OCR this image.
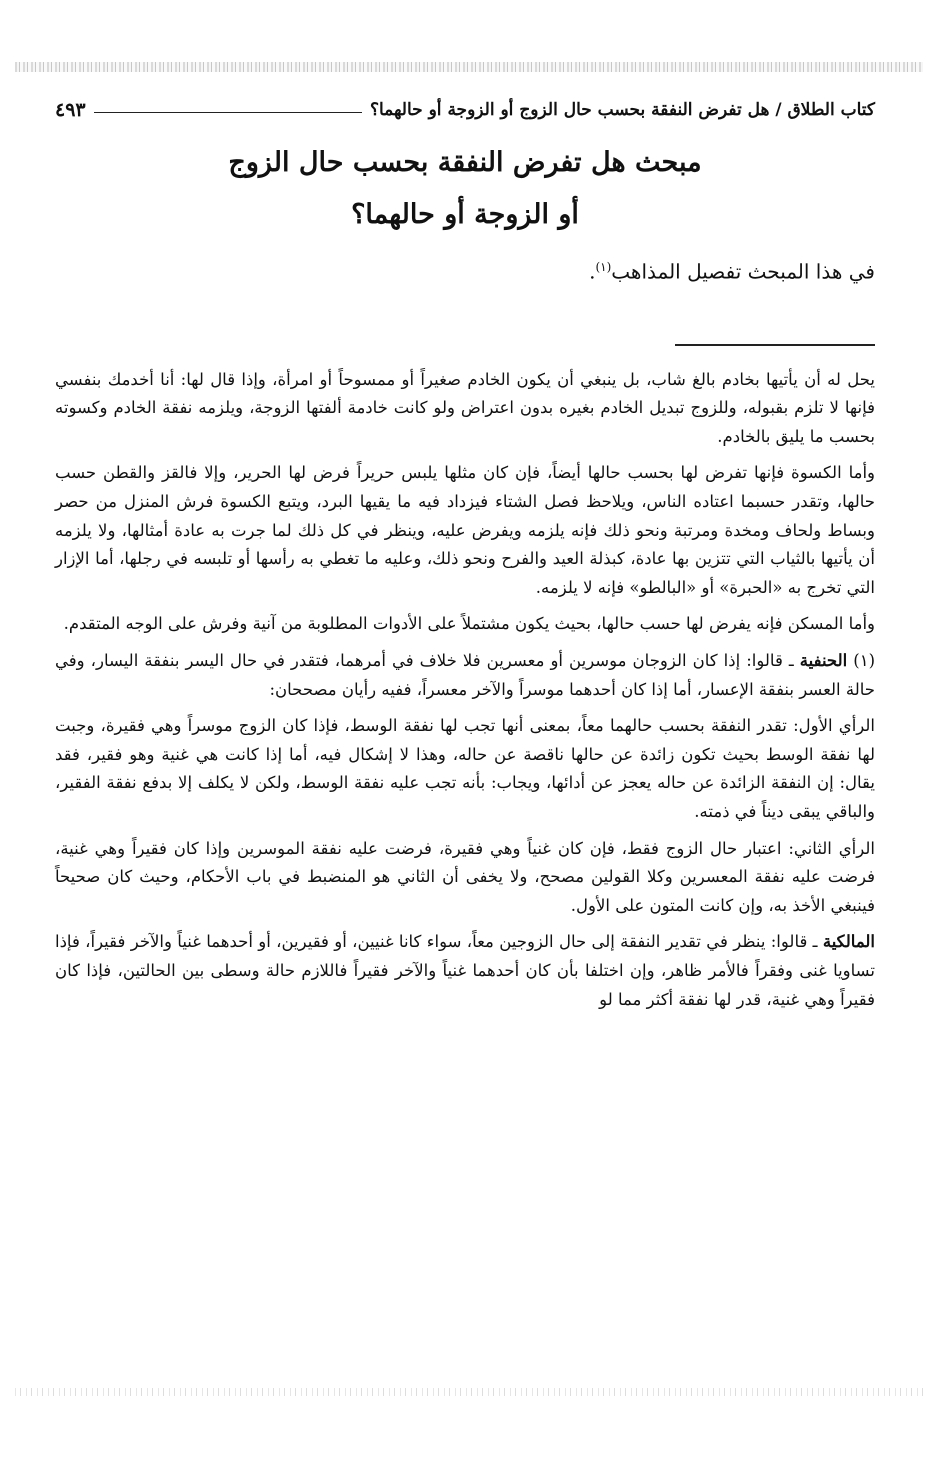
كتاب الطلاق / هل تفرض النفقة بحسب حال الزوج أو الزوجة أو حالهما؟
٤٩٣
مبحث هل تفرض النفقة بحسب حال الزوج
أو الزوجة أو حالهما؟

في هذا المبحث تفصيل المذاهب$^{(١)}$.

يحل له أن يأتيها بخادم بالغ شاب، بل ينبغي أن يكون الخادم صغيراً أو ممسوحاً أو امرأة، وإذا قال لها: أنا أخدمك بنفسي فإنها لا تلزم بقبوله، وللزوج تبديل الخادم بغيره بدون اعتراض ولو كانت خادمة ألفتها الزوجة، ويلزمه نفقة الخادم وكسوته بحسب ما يليق بالخادم.

وأما الكسوة فإنها تفرض لها بحسب حالها أيضاً، فإن كان مثلها يلبس حريراً فرض لها الحرير، وإلا فالقز والقطن حسب حالها، وتقدر حسبما اعتاده الناس، ويلاحظ فصل الشتاء فيزداد فيه ما يقيها البرد، ويتبع الكسوة فرش المنزل من حصر وبساط ولحاف ومخدة ومرتبة ونحو ذلك فإنه يلزمه ويفرض عليه، وينظر في كل ذلك لما جرت به عادة أمثالها، ولا يلزمه أن يأتيها بالثياب التي تتزين بها عادة، كبذلة العيد والفرح ونحو ذلك، وعليه ما تغطي به رأسها أو تلبسه في رجلها، أما الإزار التي تخرج به «الحبرة» أو «البالطو» فإنه لا يلزمه.

وأما المسكن فإنه يفرض لها حسب حالها، بحيث يكون مشتملاً على الأدوات المطلوبة من آنية وفرش على الوجه المتقدم.

(١) الحنفية ـ قالوا: إذا كان الزوجان موسرين أو معسرين فلا خلاف في أمرهما، فتقدر في حال اليسر بنفقة اليسار، وفي حالة العسر بنفقة الإعسار، أما إذا كان أحدهما موسراً والآخر معسراً، ففيه رأيان مصححان:

الرأي الأول: تقدر النفقة بحسب حالهما معاً، بمعنى أنها تجب لها نفقة الوسط، فإذا كان الزوج موسراً وهي فقيرة، وجبت لها نفقة الوسط بحيث تكون زائدة عن حالها ناقصة عن حاله، وهذا لا إشكال فيه، أما إذا كانت هي غنية وهو فقير، فقد يقال: إن النفقة الزائدة عن حاله يعجز عن أدائها، ويجاب: بأنه تجب عليه نفقة الوسط، ولكن لا يكلف إلا بدفع نفقة الفقير، والباقي يبقى ديناً في ذمته.

الرأي الثاني: اعتبار حال الزوج فقط، فإن كان غنياً وهي فقيرة، فرضت عليه نفقة الموسرين وإذا كان فقيراً وهي غنية، فرضت عليه نفقة المعسرين وكلا القولين مصحح، ولا يخفى أن الثاني هو المنضبط في باب الأحكام، وحيث كان صحيحاً فينبغي الأخذ به، وإن كانت المتون على الأول.

المالكية ـ قالوا: ينظر في تقدير النفقة إلى حال الزوجين معاً، سواء كانا غنيين، أو فقيرين، أو أحدهما غنياً والآخر فقيراً، فإذا تساويا غنى وفقراً فالأمر ظاهر، وإن اختلفا بأن كان أحدهما غنياً والآخر فقيراً فاللازم حالة وسطى بين الحالتين، فإذا كان فقيراً وهي غنية، قدر لها نفقة أكثر مما لو
